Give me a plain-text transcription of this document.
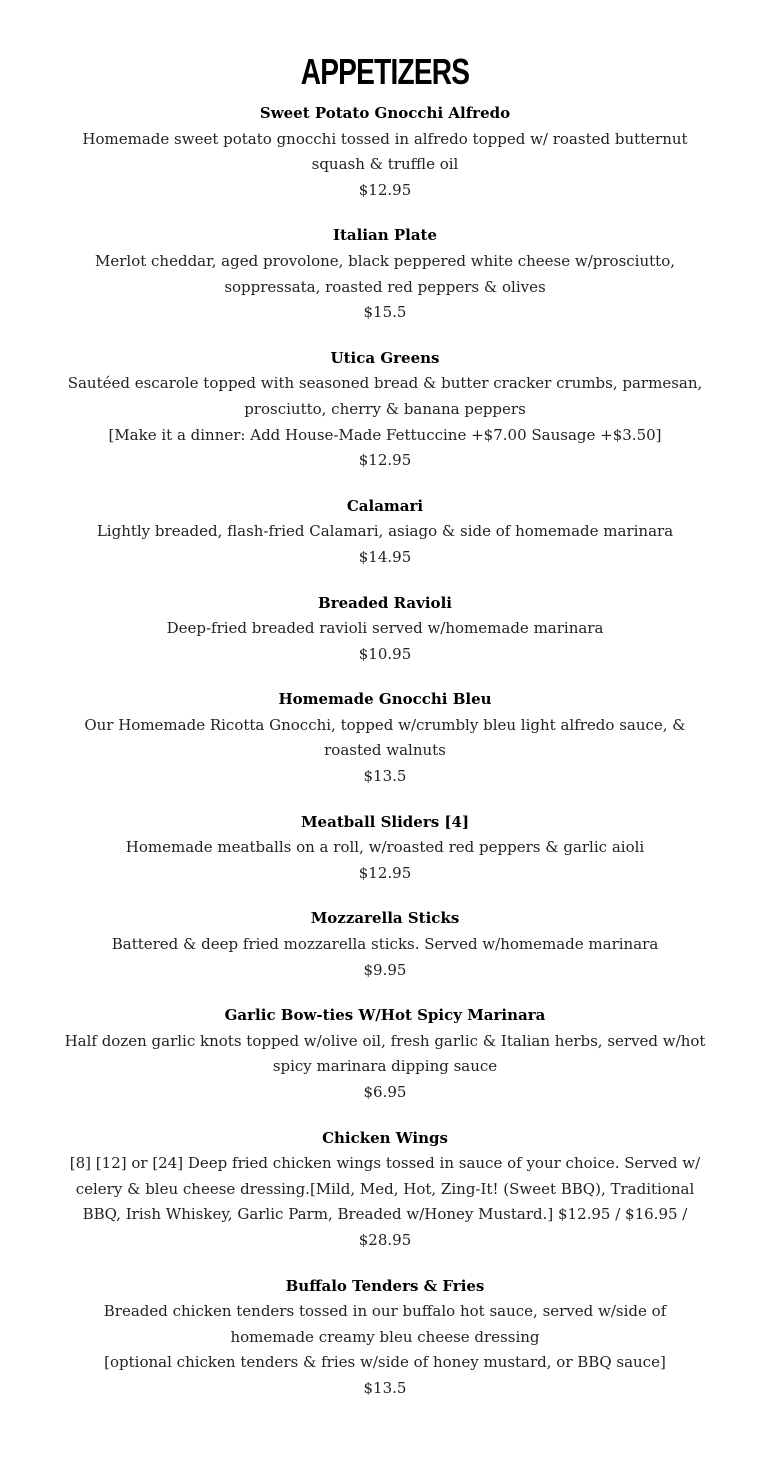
APPETIZERS
Sweet Potato Gnocchi Alfredo
Homemade sweet potato gnocchi tossed in alfredo topped w/ roasted butternut squash & truffle oil
$12.95
Italian Plate
Merlot cheddar, aged provolone, black peppered white cheese w/prosciutto, soppressata, roasted red peppers & olives
$15.5
Utica Greens
Sautéed escarole topped with seasoned bread & butter cracker crumbs, parmesan, prosciutto, cherry & banana peppers
[Make it a dinner: Add House-Made Fettuccine +$7.00 Sausage +$3.50]
$12.95
Calamari
Lightly breaded, flash-fried Calamari, asiago & side of homemade marinara
$14.95
Breaded Ravioli
Deep-fried breaded ravioli served w/homemade marinara
$10.95
Homemade Gnocchi Bleu
Our Homemade Ricotta Gnocchi, topped w/crumbly bleu light alfredo sauce, & roasted walnuts
$13.5
Meatball Sliders [4]
Homemade meatballs on a roll, w/roasted red peppers & garlic aioli
$12.95
Mozzarella Sticks
Battered & deep fried mozzarella sticks. Served w/homemade marinara
$9.95
Garlic Bow-ties W/Hot Spicy Marinara
Half dozen garlic knots topped w/olive oil, fresh garlic & Italian herbs, served w/hot spicy marinara dipping sauce
$6.95
Chicken Wings
[8] [12] or [24] Deep fried chicken wings tossed in sauce of your choice. Served w/ celery & bleu cheese dressing.[Mild, Med, Hot, Zing-It! (Sweet BBQ), Traditional BBQ, Irish Whiskey, Garlic Parm, Breaded w/Honey Mustard.] $12.95 / $16.95 / $28.95
Buffalo Tenders & Fries
Breaded chicken tenders tossed in our buffalo hot sauce, served w/side of homemade creamy bleu cheese dressing
[optional chicken tenders & fries w/side of honey mustard, or BBQ sauce]
$13.5
